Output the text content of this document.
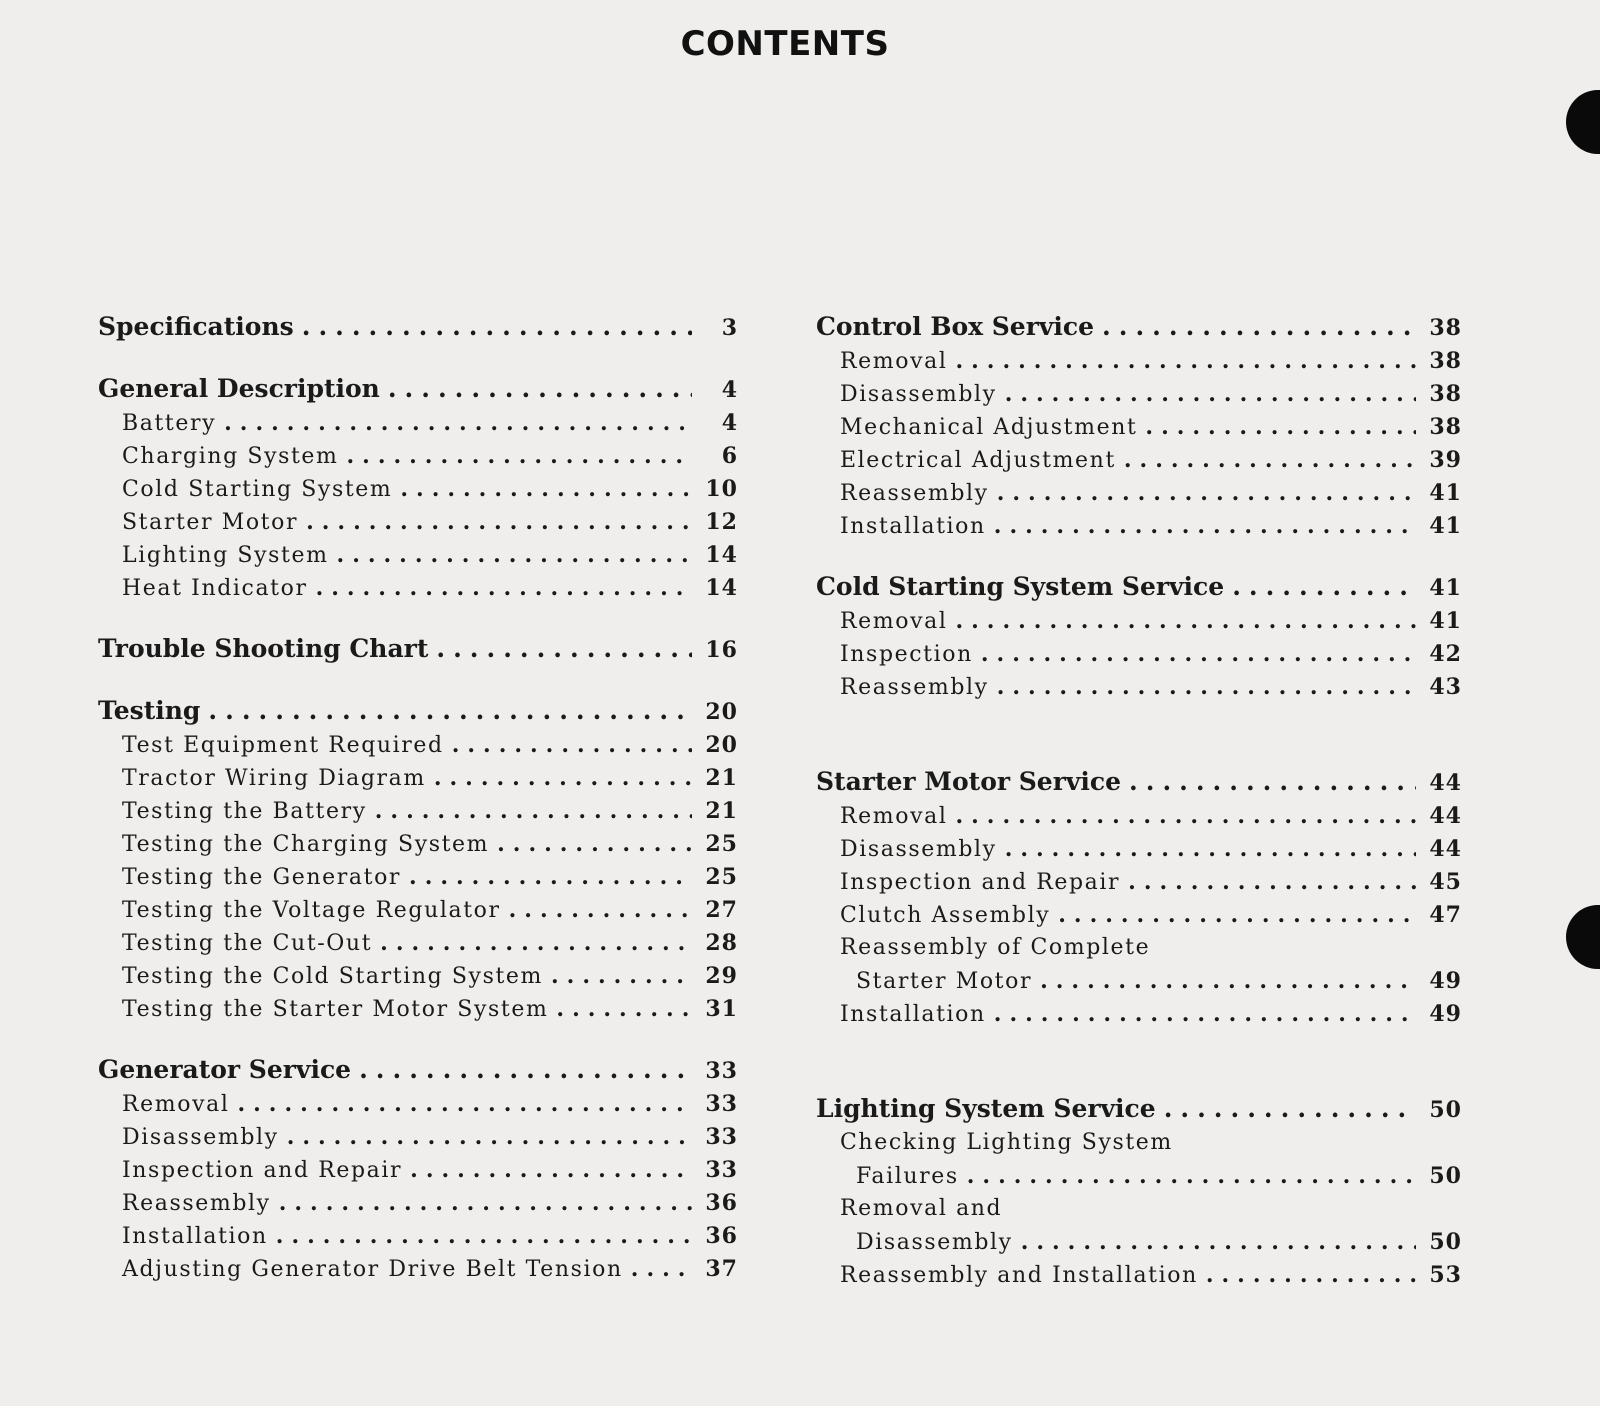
CONTENTS
Specifications .....	3
General Description .....	4
Battery .....	4
Charging System .....	6
Cold Starting System .....	10
Starter Motor .....	12
Lighting System .....	14
Heat Indicator .....	14
Trouble Shooting Chart .....	16
Testing .....	20
Test Equipment Required .....	20
Tractor Wiring Diagram .....	21
Testing the Battery .....	21
Testing the Charging System .....	25
Testing the Generator .....	25
Testing the Voltage Regulator .....	27
Testing the Cut-Out .....	28
Testing the Cold Starting System .....	29
Testing the Starter Motor System .....	31
Generator Service .....	33
Removal .....	33
Disassembly .....	33
Inspection and Repair .....	33
Reassembly .....	36
Installation .....	36
Adjusting Generator Drive Belt Tension .....	37
Control Box Service .....	38
Removal .....	38
Disassembly .....	38
Mechanical Adjustment .....	38
Electrical Adjustment .....	39
Reassembly .....	41
Installation .....	41
Cold Starting System Service .....	41
Removal .....	41
Inspection .....	42
Reassembly .....	43
Starter Motor Service .....	44
Removal .....	44
Disassembly .....	44
Inspection and Repair .....	45
Clutch Assembly .....	47
Reassembly of Complete
Starter Motor .....	49
Installation .....	49
Lighting System Service .....	50
Checking Lighting System
Failures .....	50
Removal and
Disassembly .....	50
Reassembly and Installation .....	53
